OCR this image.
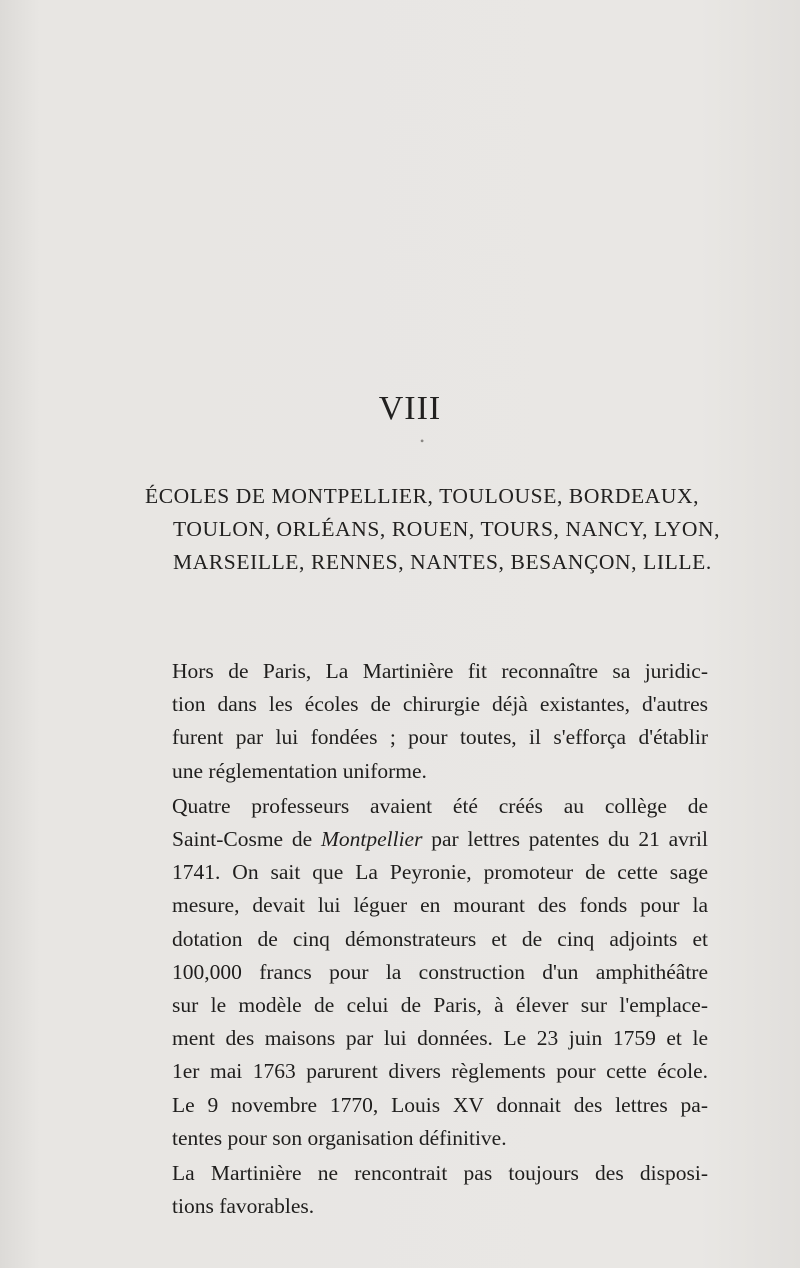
VIII
•
ÉCOLES DE MONTPELLIER, TOULOUSE, BORDEAUX,
TOULON, ORLÉANS, ROUEN, TOURS, NANCY, LYON,
MARSEILLE, RENNES, NANTES, BESANÇON, LILLE.

Hors de Paris, La Martinière fit reconnaître sa juridic-
tion dans les écoles de chirurgie déjà existantes, d'autres
furent par lui fondées ; pour toutes, il s'efforça d'établir
une réglementation uniforme.

Quatre professeurs avaient été créés au collège de
Saint-Cosme de Montpellier par lettres patentes du 21 avril
1741. On sait que La Peyronie, promoteur de cette sage
mesure, devait lui léguer en mourant des fonds pour la
dotation de cinq démonstrateurs et de cinq adjoints et
100,000 francs pour la construction d'un amphithéâtre
sur le modèle de celui de Paris, à élever sur l'emplace-
ment des maisons par lui données. Le 23 juin 1759 et le
1er mai 1763 parurent divers règlements pour cette école.
Le 9 novembre 1770, Louis XV donnait des lettres pa-
tentes pour son organisation définitive.

La Martinière ne rencontrait pas toujours des disposi-
tions favorables.
